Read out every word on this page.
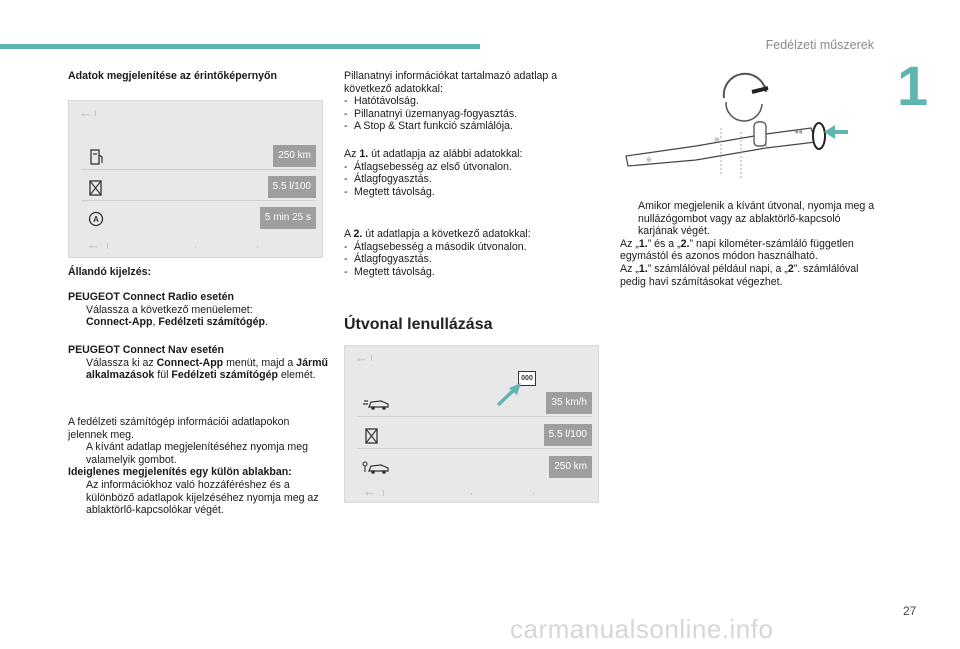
Fedélzeti műszerek
1
Adatok megjelenítése az érintőképernyőn
←
250 km
5.5 l/100
A	5 min 25 s
←
Állandó kijelzés:

PEUGEOT Connect Radio esetén

Válassza a következő menüelemet:
Connect-App, Fedélzeti számítógép.

PEUGEOT Connect Nav esetén

Válassza ki az Connect-App menüt, majd a Jármű alkalmazások fül Fedélzeti számítógép elemét.

A fedélzeti számítógép információi adatlapokon jelennek meg.

A kívánt adatlap megjelenítéséhez nyomja meg valamelyik gombot.

Ideiglenes megjelenítés egy külön ablakban:

Az információkhoz való hozzáféréshez és a különböző adatlapok kijelzéséhez nyomja meg az ablaktörlő-kapcsolókar végét.

Pillanatnyi információkat tartalmazó adatlap a következő adatokkal:

- Hatótávolság.

- Pillanatnyi üzemanyag-fogyasztás.

- A Stop & Start funkció számlálója.

Az 1. út adatlapja az alábbi adatokkal:

- Átlagsebesség az első útvonalon.

- Átlagfogyasztás.

- Megtett távolság.

A 2. út adatlapja a következő adatokkal:

- Átlagsebesség a második útvonalon.

- Átlagfogyasztás.

- Megtett távolság.

Útvonal lenullázása
←
000
35 km/h
5.5 l/100
250 km
←
⊕
⊕
◂◂

Amikor megjelenik a kívánt útvonal, nyomja meg a nullázógombot vagy az ablaktörlő-kapcsoló karjának végét.

Az „1.” és a „2.” napi kilométer-számláló független egymástól és azonos módon használható.

Az „1.” számlálóval például napi, a „2”. számlálóval pedig havi számításokat végezhet.

27
carmanualsonline.info
